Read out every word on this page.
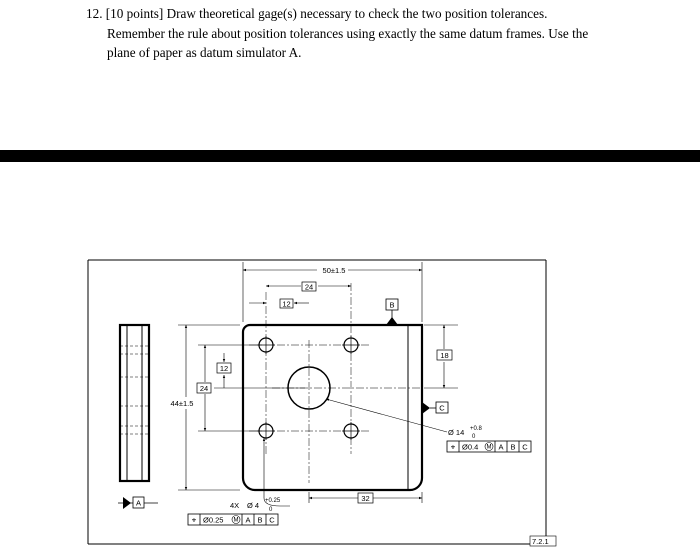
12. [10 points] Draw theoretical gage(s) necessary to check the two position tolerances.
Remember the rule about position tolerances using exactly the same datum frames. Use the
plane of paper as datum simulator A.
A
50±1.5
24
12	B
44±1.5
24
12
18
C
Ø 14 +0.8
0
⌖ Ø0.4 M A B C
32
4X Ø 4 +0.25
0
⌖ Ø0.25 M A B C
7.2.1
